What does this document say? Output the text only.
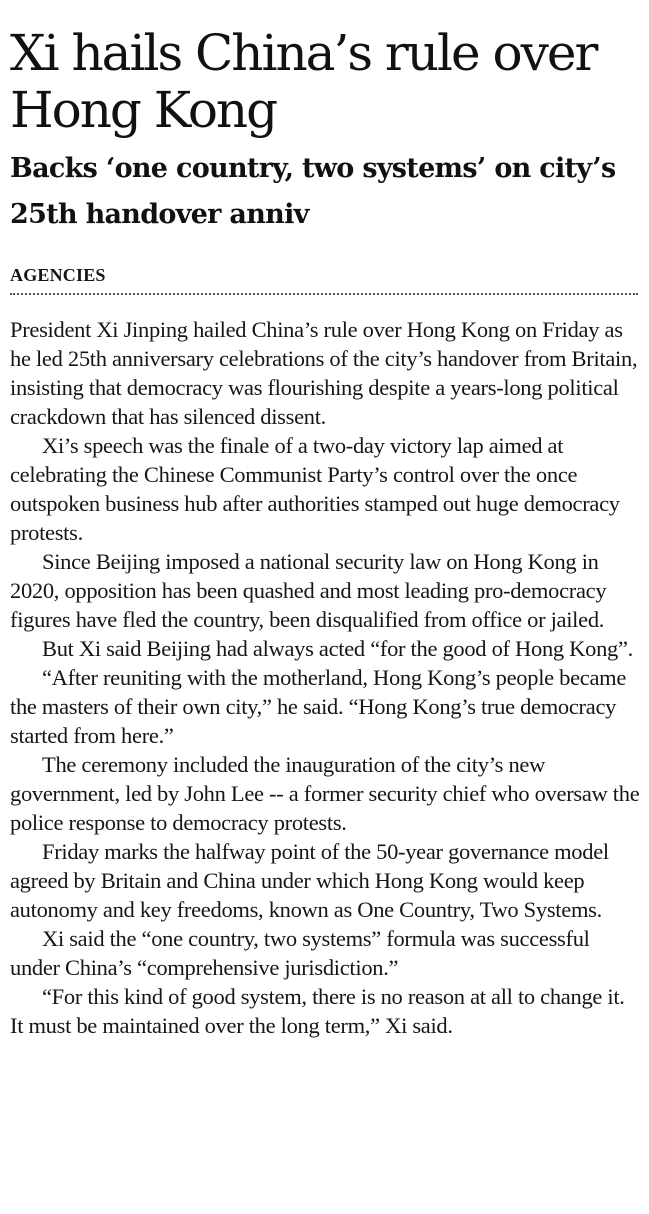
Xi hails China’s rule over Hong Kong
Backs ‘one country, two systems’ on city’s 25th handover anniv
AGENCIES

President Xi Jinping hailed China’s rule over Hong Kong on Friday as he led 25th anniversary celebrations of the city’s handover from Britain, insisting that democracy was flourishing despite a years-long political crackdown that has silenced dissent.

Xi’s speech was the finale of a two-day victory lap aimed at celebrating the Chinese Communist Party’s control over the once outspoken business hub after authorities stamped out huge democracy protests.

Since Beijing imposed a national security law on Hong Kong in 2020, opposition has been quashed and most leading pro-democracy figures have fled the country, been disqualified from office or jailed.

But Xi said Beijing had always acted “for the good of Hong Kong”.

“After reuniting with the motherland, Hong Kong’s people became the masters of their own city,” he said. “Hong Kong’s true democracy started from here.”

The ceremony included the inauguration of the city’s new government, led by John Lee -- a former security chief who oversaw the police response to democracy protests.

Friday marks the halfway point of the 50-year governance model agreed by Britain and China under which Hong Kong would keep autonomy and key freedoms, known as One Country, Two Systems.

Xi said the “one country, two systems” formula was successful under China’s “comprehensive jurisdiction.”

“For this kind of good system, there is no reason at all to change it. It must be maintained over the long term,” Xi said.
